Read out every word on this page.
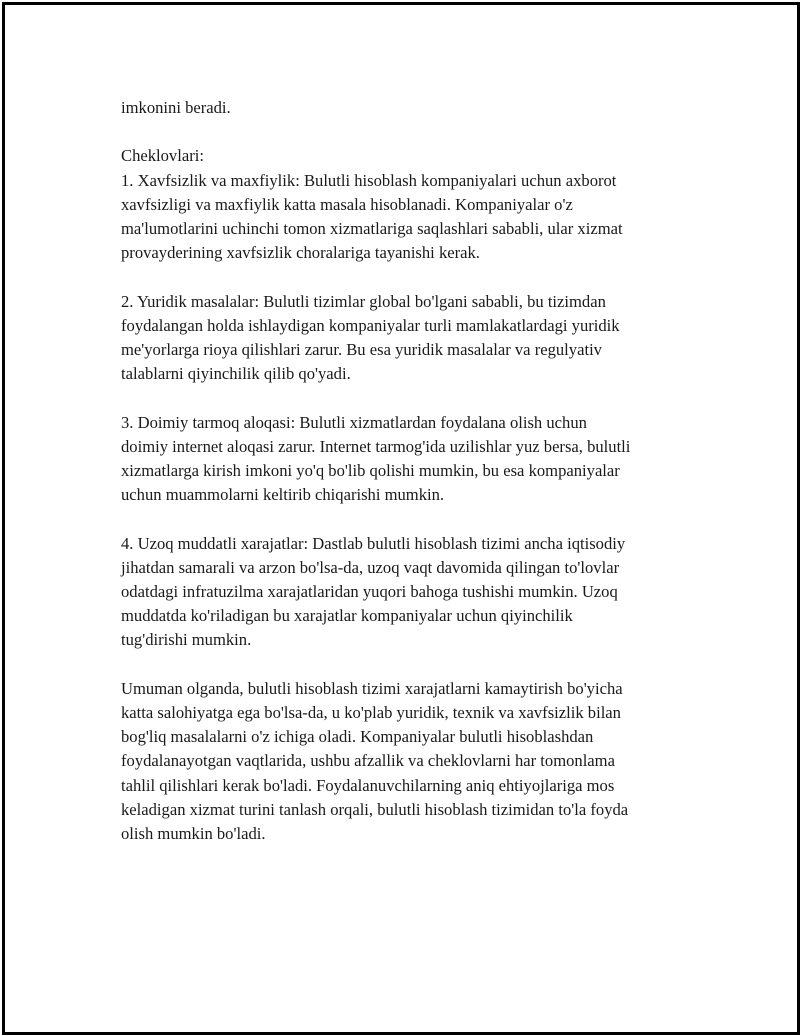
imkonini beradi.

Cheklovlari:

1. Xavfsizlik va maxfiylik: Bulutli hisoblash kompaniyalari uchun axborot
xavfsizligi va maxfiylik katta masala hisoblanadi. Kompaniyalar o'z
ma'lumotlarini uchinchi tomon xizmatlariga saqlashlari sababli, ular xizmat
provayderining xavfsizlik choralariga tayanishi kerak.

2. Yuridik masalalar: Bulutli tizimlar global bo'lgani sababli, bu tizimdan
foydalangan holda ishlaydigan kompaniyalar turli mamlakatlardagi yuridik
me'yorlarga rioya qilishlari zarur. Bu esa yuridik masalalar va regulyativ
talablarni qiyinchilik qilib qo'yadi.

3. Doimiy tarmoq aloqasi: Bulutli xizmatlardan foydalana olish uchun
doimiy internet aloqasi zarur. Internet tarmog'ida uzilishlar yuz bersa, bulutli
xizmatlarga kirish imkoni yo'q bo'lib qolishi mumkin, bu esa kompaniyalar
uchun muammolarni keltirib chiqarishi mumkin.

4. Uzoq muddatli xarajatlar: Dastlab bulutli hisoblash tizimi ancha iqtisodiy
jihatdan samarali va arzon bo'lsa-da, uzoq vaqt davomida qilingan to'lovlar
odatdagi infratuzilma xarajatlaridan yuqori bahoga tushishi mumkin. Uzoq
muddatda ko'riladigan bu xarajatlar kompaniyalar uchun qiyinchilik
tug'dirishi mumkin.

Umuman olganda, bulutli hisoblash tizimi xarajatlarni kamaytirish bo'yicha
katta salohiyatga ega bo'lsa-da, u ko'plab yuridik, texnik va xavfsizlik bilan
bog'liq masalalarni o'z ichiga oladi. Kompaniyalar bulutli hisoblashdan
foydalanayotgan vaqtlarida, ushbu afzallik va cheklovlarni har tomonlama
tahlil qilishlari kerak bo'ladi. Foydalanuvchilarning aniq ehtiyojlariga mos
keladigan xizmat turini tanlash orqali, bulutli hisoblash tizimidan to'la foyda
olish mumkin bo'ladi.
